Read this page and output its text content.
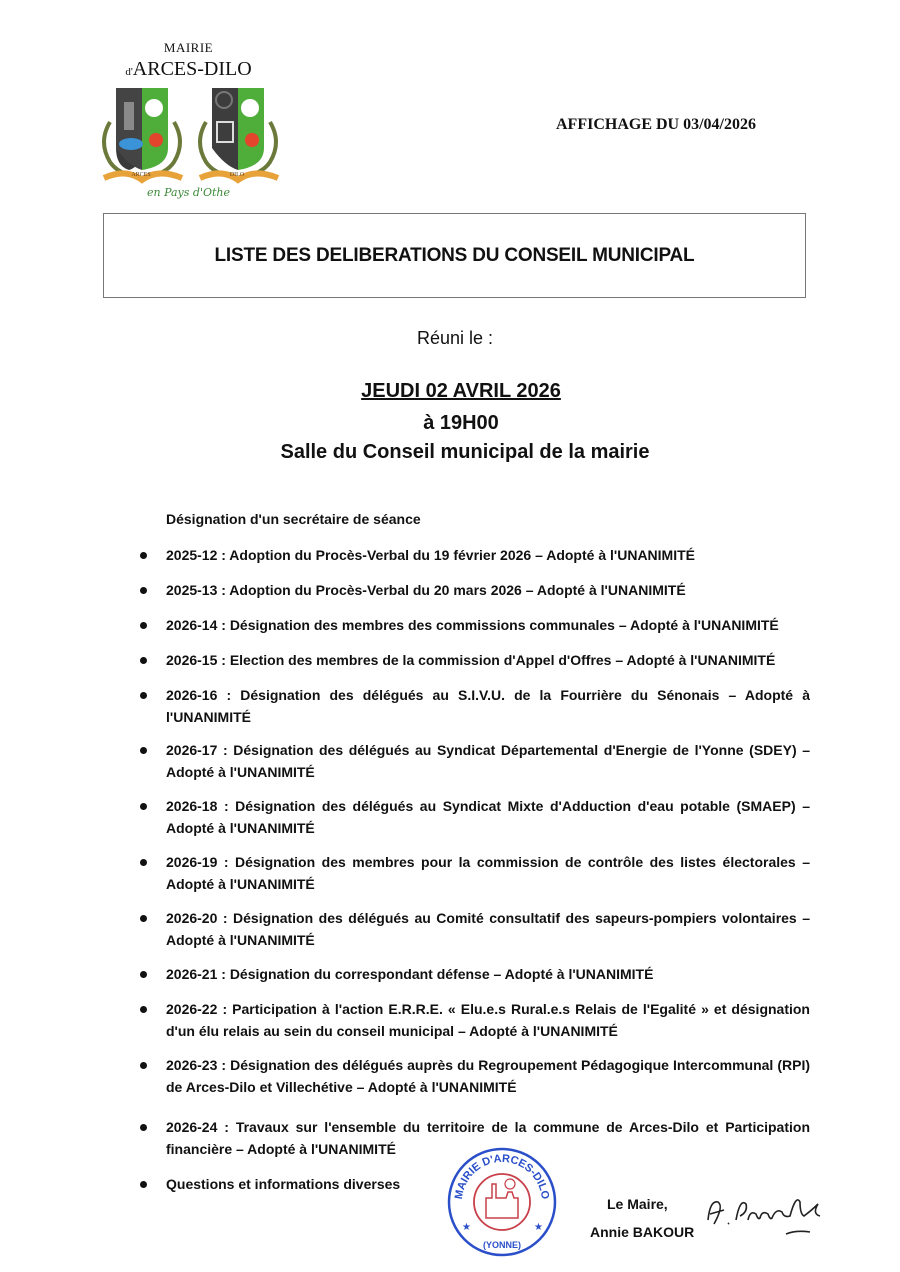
MAIRIE
d'ARCES-DILO
ARCES	DILO
en Pays d'Othe
AFFICHAGE DU 03/04/2026
LISTE DES DELIBERATIONS DU CONSEIL MUNICIPAL
Réuni le :
JEUDI 02 AVRIL 2026
à 19H00
Salle du Conseil municipal de la mairie
Désignation d'un secrétaire de séance
2025-12 : Adoption du Procès-Verbal du 19 février 2026 – Adopté à l'UNANIMITÉ
2025-13 : Adoption du Procès-Verbal du 20 mars 2026 – Adopté à l'UNANIMITÉ
2026-14 : Désignation des membres des commissions communales – Adopté à l'UNANIMITÉ
2026-15 : Election des membres de la commission d'Appel d'Offres – Adopté à l'UNANIMITÉ
2026-16 : Désignation des délégués au S.I.V.U. de la Fourrière du Sénonais – Adopté à l'UNANIMITÉ
2026-17 : Désignation des délégués au Syndicat Départemental d'Energie de l'Yonne (SDEY) – Adopté à l'UNANIMITÉ
2026-18 : Désignation des délégués au Syndicat Mixte d'Adduction d'eau potable (SMAEP) – Adopté à l'UNANIMITÉ
2026-19 : Désignation des membres pour la commission de contrôle des listes électorales – Adopté à l'UNANIMITÉ
2026-20 : Désignation des délégués au Comité consultatif des sapeurs-pompiers volontaires – Adopté à l'UNANIMITÉ
2026-21 : Désignation du correspondant défense – Adopté à l'UNANIMITÉ
2026-22 : Participation à l'action E.R.R.E. « Elu.e.s Rural.e.s Relais de l'Egalité » et désignation d'un élu relais au sein du conseil municipal – Adopté à l'UNANIMITÉ
2026-23 : Désignation des délégués auprès du Regroupement Pédagogique Intercommunal (RPI) de Arces-Dilo et Villechétive – Adopté à l'UNANIMITÉ
2026-24 : Travaux sur l'ensemble du territoire de la commune de Arces-Dilo et Participation financière – Adopté à l'UNANIMITÉ
Questions et informations diverses
MAIRIE D'ARCES-DILO
(YONNE)
★	★
Le Maire,
Annie BAKOUR
